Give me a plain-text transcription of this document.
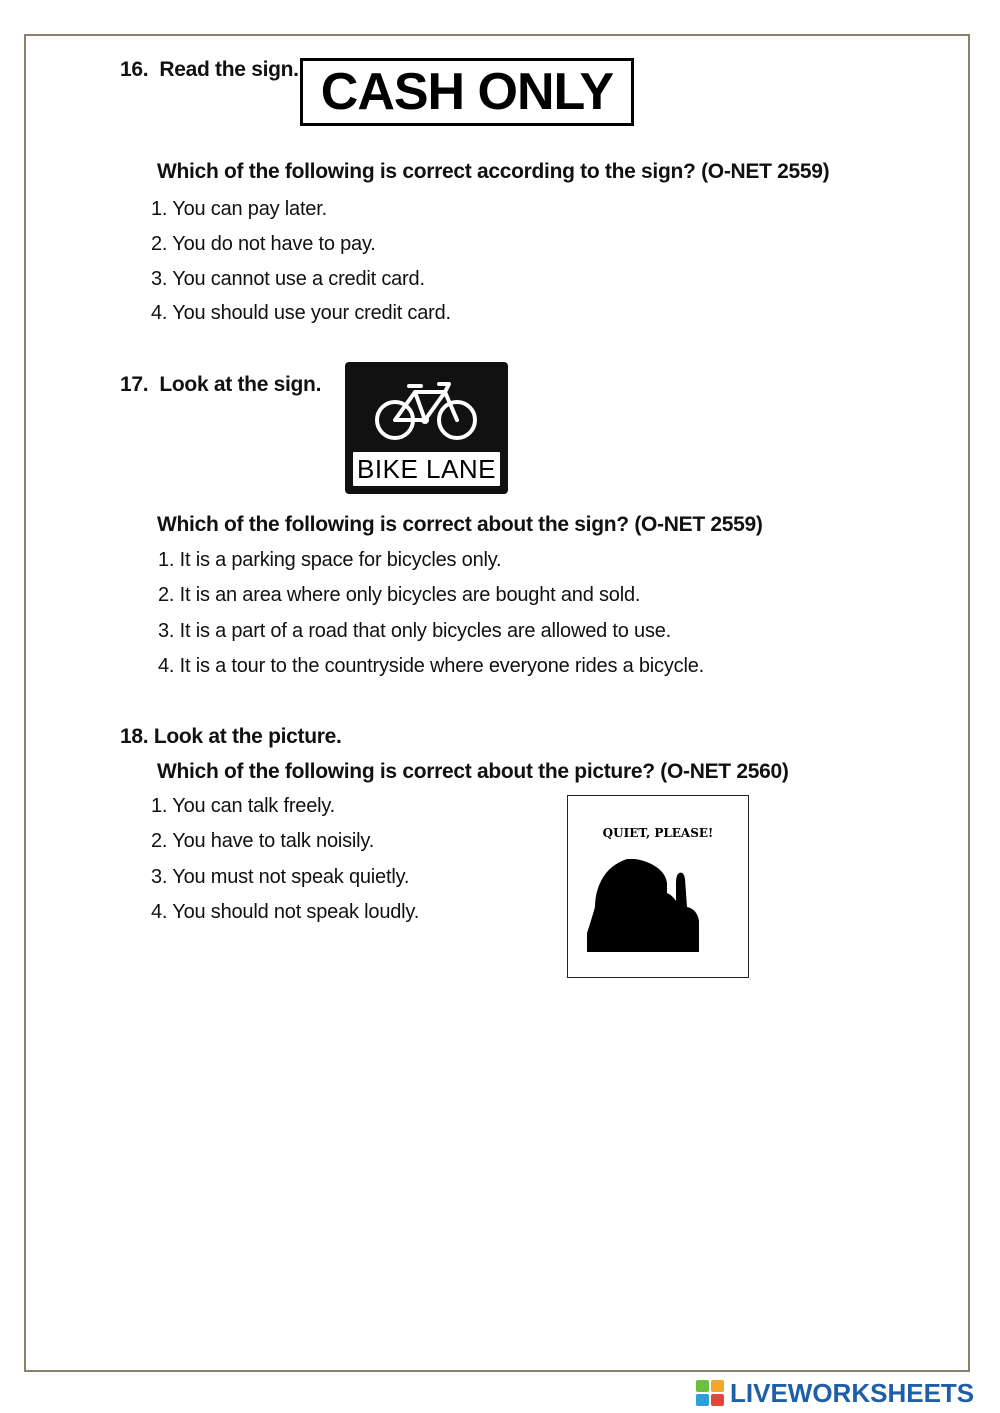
16. Read the sign. CASH ONLY
Which of the following is correct according to the sign? (O-NET 2559)
1. You can pay later.
2. You do not have to pay.
3. You cannot use a credit card.
4. You should use your credit card.
17. Look at the sign.
BIKE LANE
Which of the following is correct about the sign? (O-NET 2559)
1. It is a parking space for bicycles only.
2. It is an area where only bicycles are bought and sold.
3. It is a part of a road that only bicycles are allowed to use.
4. It is a tour to the countryside where everyone rides a bicycle.
18. Look at the picture.
Which of the following is correct about the picture? (O-NET 2560)
1. You can talk freely.
2. You have to talk noisily.
3. You must not speak quietly.
4. You should not speak loudly.
QUIET, PLEASE!
LIVEWORKSHEETS
